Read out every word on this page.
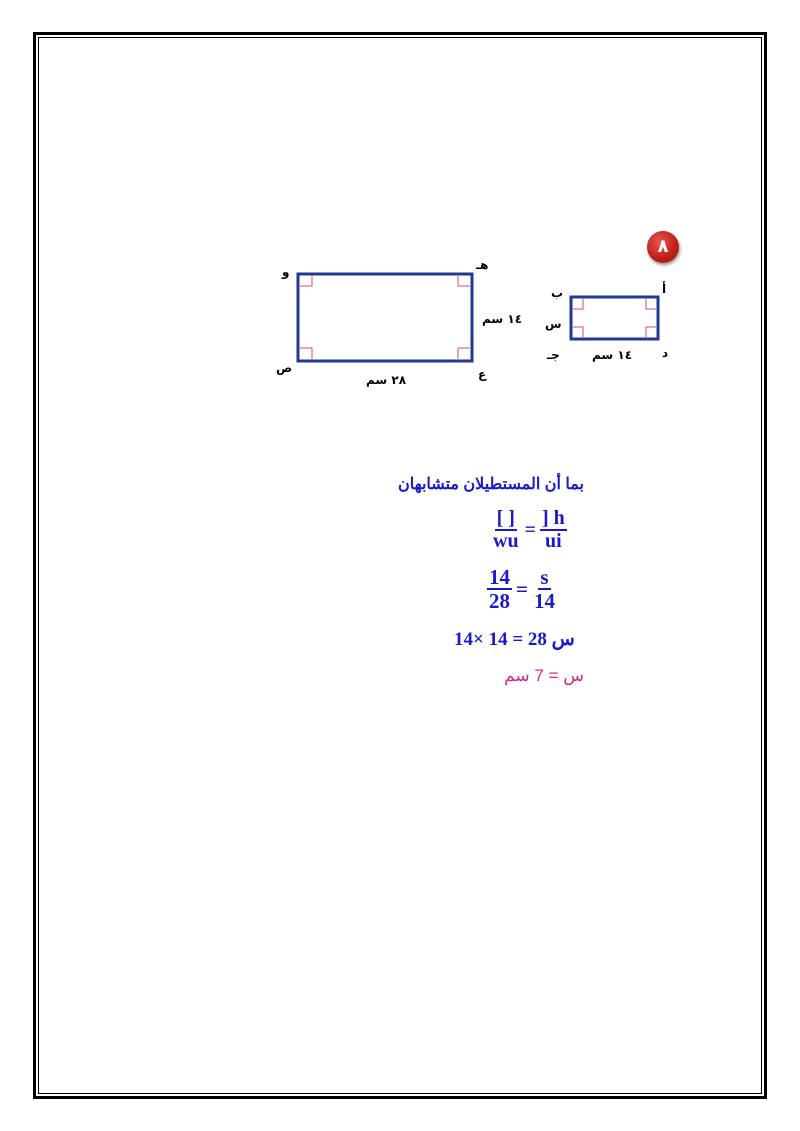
٨
أ
ب
س
جـ	د
١٤ سم
هـ
و
١٤ سم
ص	ع
٢٨ سم
بما أن المستطيلان متشابهان
$\frac{[ ]}{wu} = \frac{] h}{ui}$
$\frac{14}{28} = \frac{s}{14}$
14× 14 = 28 س
س = 7 سم
